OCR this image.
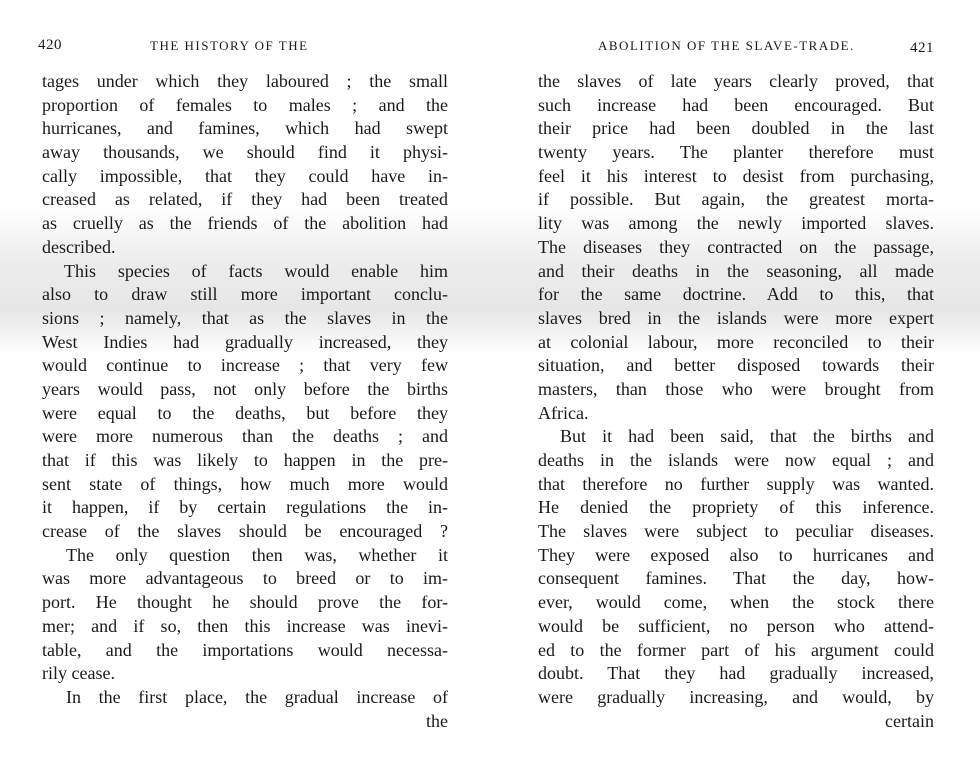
420	THE HISTORY OF THE
tages under which they laboured ; the small
proportion of females to males ; and the
hurricanes, and famines, which had swept
away thousands, we should find it physi-
cally impossible, that they could have in-
creased as related, if they had been treated
as cruelly as the friends of the abolition had
described.
This species of facts would enable him
also to draw still more important conclu-
sions ; namely, that as the slaves in the
West Indies had gradually increased, they
would continue to increase ; that very few
years would pass, not only before the births
were equal to the deaths, but before they
were more numerous than the deaths ; and
that if this was likely to happen in the pre-
sent state of things, how much more would
it happen, if by certain regulations the in-
crease of the slaves should be encouraged ?
The only question then was, whether it
was more advantageous to breed or to im-
port. He thought he should prove the for-
mer; and if so, then this increase was inevi-
table, and the importations would necessa-
rily cease.
In the first place, the gradual increase of
the
ABOLITION OF THE SLAVE-TRADE.	421
the slaves of late years clearly proved, that
such increase had been encouraged. But
their price had been doubled in the last
twenty years. The planter therefore must
feel it his interest to desist from purchasing,
if possible. But again, the greatest morta-
lity was among the newly imported slaves.
The diseases they contracted on the passage,
and their deaths in the seasoning, all made
for the same doctrine. Add to this, that
slaves bred in the islands were more expert
at colonial labour, more reconciled to their
situation, and better disposed towards their
masters, than those who were brought from
Africa.
But it had been said, that the births and
deaths in the islands were now equal ; and
that therefore no further supply was wanted.
He denied the propriety of this inference.
The slaves were subject to peculiar diseases.
They were exposed also to hurricanes and
consequent famines. That the day, how-
ever, would come, when the stock there
would be sufficient, no person who attend-
ed to the former part of his argument could
doubt. That they had gradually increased,
were gradually increasing, and would, by
certain
